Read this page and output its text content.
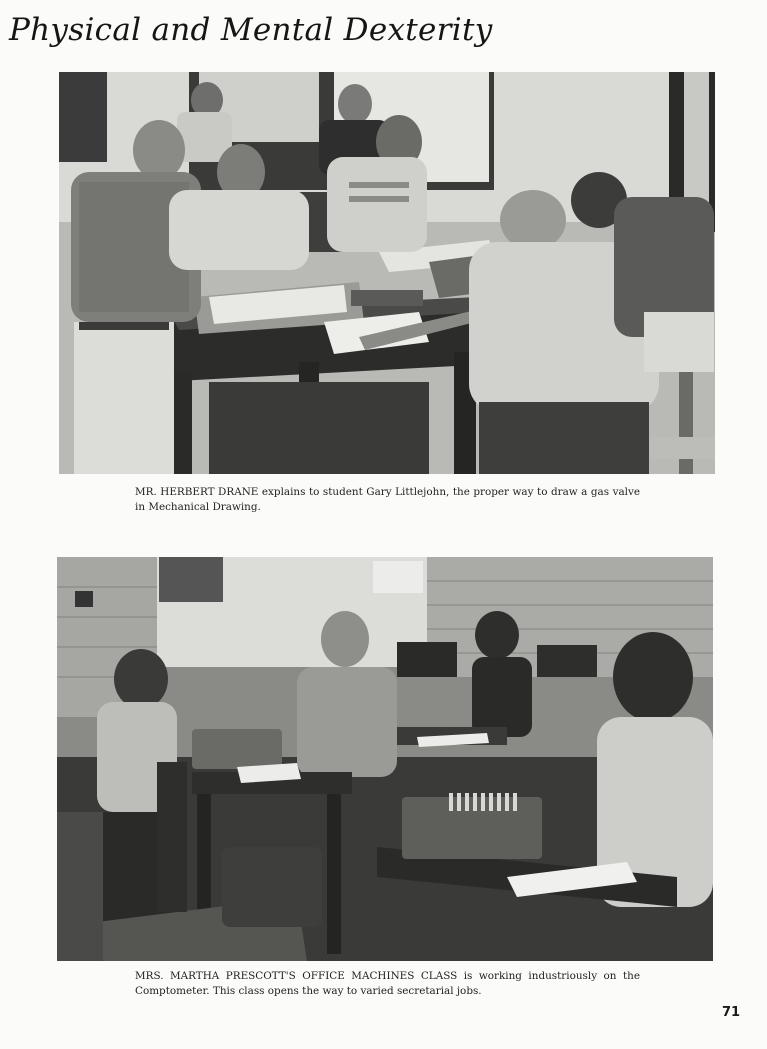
Physical and Mental Dexterity
MR. HERBERT DRANE explains to student Gary Littlejohn, the proper way to draw a gas valve in Mechanical Drawing.
MRS. MARTHA PRESCOTT'S OFFICE MACHINES CLASS is working industriously on the Comptometer. This class opens the way to varied secretarial jobs.
71
